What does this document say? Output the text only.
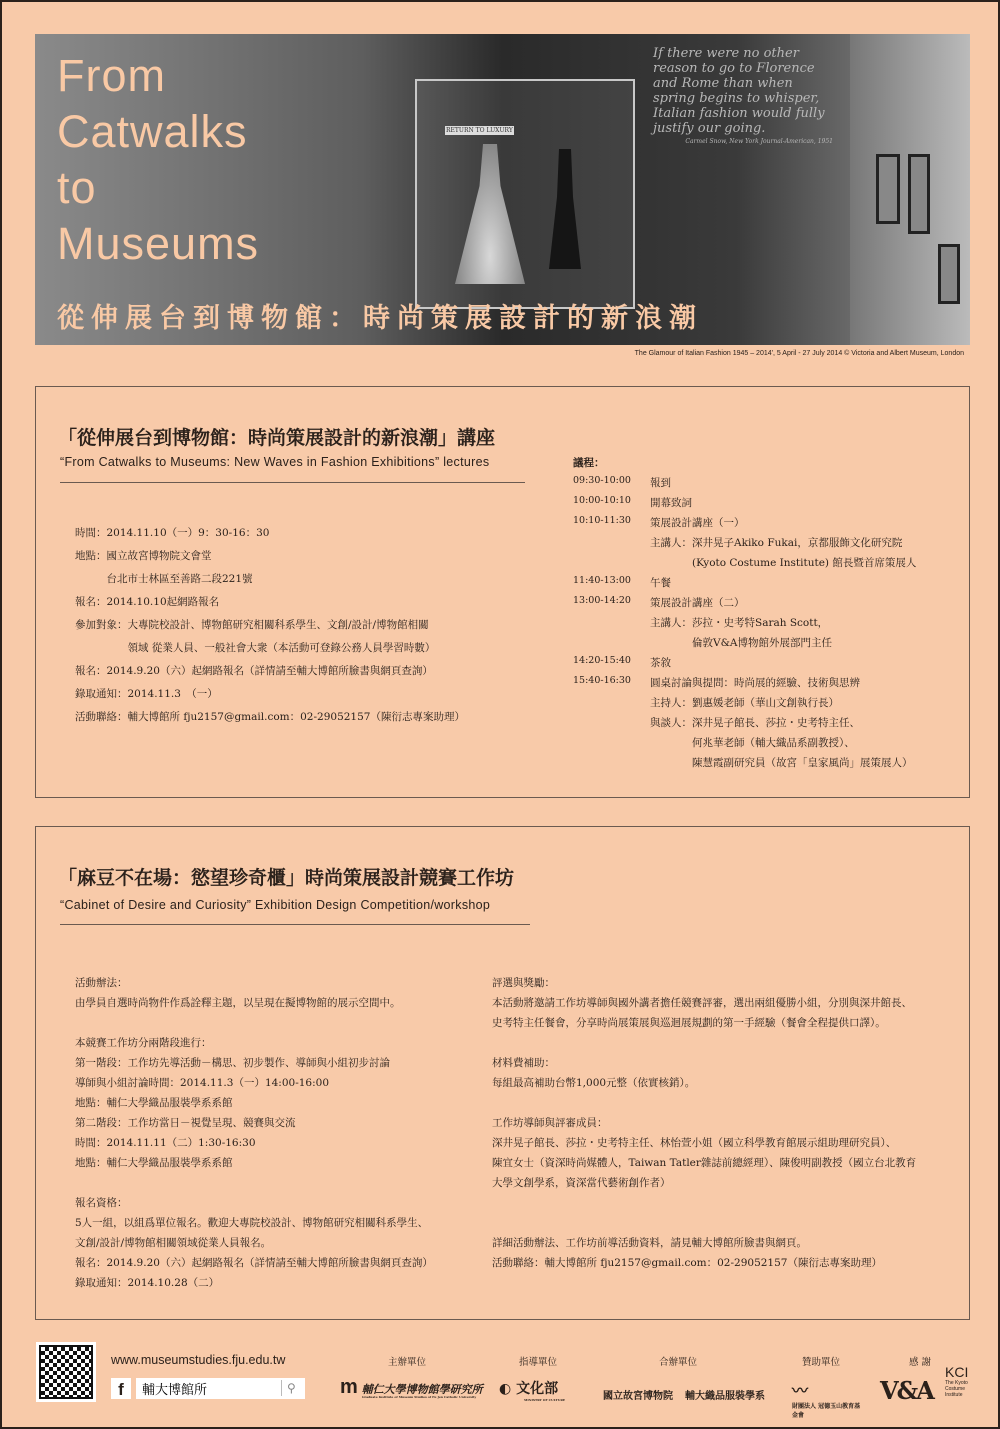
RETURN TO LUXURY
If there were no other reason to go to Florence and Rome than when spring begins to whisper, Italian fashion would fully justify our going.
Carmel Snow, New York Journal-American, 1951
From
Catwalks
to
Museums
從伸展台到博物館：時尚策展設計的新浪潮
The Glamour of Italian Fashion 1945 – 2014', 5 April - 27 July 2014 © Victoria and Albert Museum, London
「從伸展台到博物館：時尚策展設計的新浪潮」講座
“From Catwalks to Museums: New Waves in Fashion Exhibitions” lectures
時間：2014.11.10（一）9：30-16：30
地點：國立故宮博物院文會堂
　　　台北市士林區至善路二段221號
報名：2014.10.10起網路報名
參加對象：大專院校設計、博物館研究相關科系學生、文創/設計/博物館相關
　　　　　領域 從業人員、一般社會大衆（本活動可登錄公務人員學習時數）
報名：2014.9.20（六）起網路報名（詳情請至輔大博館所臉書與網頁查詢）
錄取通知：2014.11.3　（一）
活動聯絡：輔大博館所 fju2157@gmail.com：02-29052157（陳衍志專案助理）
議程：
09:30-10:00 報到
10:00-10:10 開幕致詞
10:10-11:30 策展設計講座（一）
主講人：深井晃子Akiko Fukai，京都服飾文化研究院
　　　　(Kyoto Costume Institute) 館長暨首席策展人
11:40-13:00 午餐
13:00-14:20 策展設計講座（二）
主講人：莎拉・史考特Sarah Scott，
　　　　倫敦V&A博物館外展部門主任
14:20-15:40 茶敘
15:40-16:30 圓桌討論與提問：時尚展的經驗、技術與思辨
主持人：劉惠媛老師（華山文創執行長）
與談人：深井晃子館長、莎拉・史考特主任、
　　　　何兆華老師（輔大織品系副教授）、
　　　　陳慧霞副研究員（故宮「皇家風尚」展策展人）
「麻豆不在場：慾望珍奇櫃」時尚策展設計競賽工作坊
“Cabinet of Desire and Curiosity” Exhibition Design Competition/workshop
活動辦法：
由學員自選時尚物件作爲詮釋主題，以呈現在擬博物館的展示空間中。
本競賽工作坊分兩階段進行：
第一階段：工作坊先導活動－構思、初步製作、導師與小組初步討論
導師與小組討論時間：2014.11.3（一）14:00-16:00
地點：輔仁大學織品服裝學系系館
第二階段：工作坊當日－視覺呈現、競賽與交流
時間：2014.11.11（二）1:30-16:30
地點：輔仁大學織品服裝學系系館
報名資格：
5人一組，以組爲單位報名。歡迎大專院校設計、博物館研究相關科系學生、
文創/設計/博物館相關領域從業人員報名。
報名：2014.9.20（六）起網路報名（詳情請至輔大博館所臉書與網頁查詢）
錄取通知：2014.10.28（二）
評選與獎勵：
本活動將邀請工作坊導師與國外講者擔任競賽評審，選出兩組優勝小組，分別與深井館長、
史考特主任餐會，分享時尚展策展與巡迴展規劃的第一手經驗（餐會全程提供口譯）。
材料費補助：
每組最高補助台幣1,000元整（依實核銷）。
工作坊導師與評審成員：
深井晃子館長、莎拉・史考特主任、林怡萱小姐（國立科學教育館展示組助理研究員）、
陳宜女士（資深時尚媒體人，Taiwan Tatler雜誌前總經理）、陳俊明副教授（國立台北教育
大學文創學系，資深當代藝術創作者）
詳細活動辦法、工作坊前導活動資料，請見輔大博館所臉書與網頁。
活動聯絡：輔大博館所 fju2157@gmail.com：02-29052157（陳衍志專案助理）
www.museumstudies.fju.edu.tw
f
輔大博館所	⚲
主辦單位
m 輔仁大學博物館學研究所
Graduate Institute of Museum Studies of Fu Jen Catholic University
指導單位
◐ 文化部
MINISTRY OF CULTURE
合辦單位
國立故宮博物院 輔大織品服裝學系
贊助單位
〰
財團法人 冠德玉山教育基金會
感 謝
V&A
KCI
The Kyoto Costume Institute
